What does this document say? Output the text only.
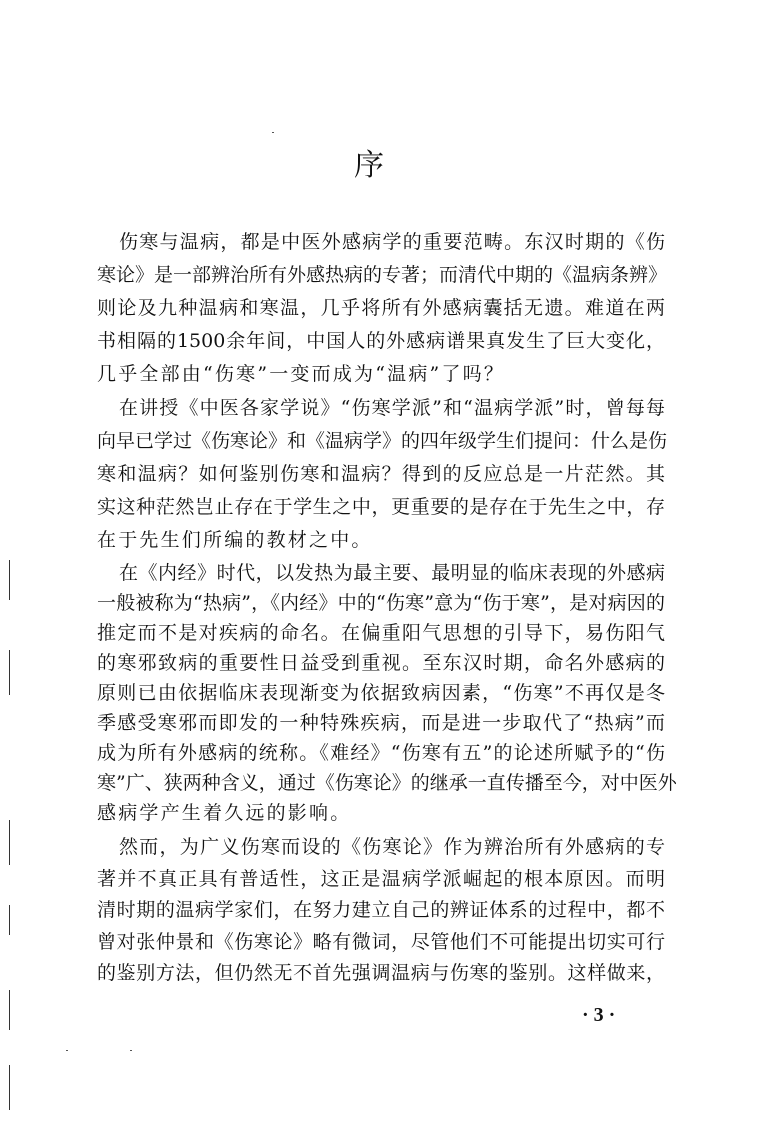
序
伤寒与温病，都是中医外感病学的重要范畴。东汉时期的《伤
寒论》是一部辨治所有外感热病的专著；而清代中期的《温病条辨》
则论及九种温病和寒温，几乎将所有外感病囊括无遗。难道在两
书相隔的1500余年间，中国人的外感病谱果真发生了巨大变化，
几乎全部由“伤寒”一变而成为“温病”了吗？
在讲授《中医各家学说》“伤寒学派”和“温病学派”时，曾每每
向早已学过《伤寒论》和《温病学》的四年级学生们提问：什么是伤
寒和温病？如何鉴别伤寒和温病？得到的反应总是一片茫然。其
实这种茫然岂止存在于学生之中，更重要的是存在于先生之中，存
在于先生们所编的教材之中。
在《内经》时代，以发热为最主要、最明显的临床表现的外感病
一般被称为“热病”，《内经》中的“伤寒”意为“伤于寒”，是对病因的
推定而不是对疾病的命名。在偏重阳气思想的引导下，易伤阳气
的寒邪致病的重要性日益受到重视。至东汉时期，命名外感病的
原则已由依据临床表现渐变为依据致病因素，“伤寒”不再仅是冬
季感受寒邪而即发的一种特殊疾病，而是进一步取代了“热病”而
成为所有外感病的统称。《难经》“伤寒有五”的论述所赋予的“伤
寒”广、狭两种含义，通过《伤寒论》的继承一直传播至今，对中医外
感病学产生着久远的影响。
然而，为广义伤寒而设的《伤寒论》作为辨治所有外感病的专
著并不真正具有普适性，这正是温病学派崛起的根本原因。而明
清时期的温病学家们，在努力建立自己的辨证体系的过程中，都不
曾对张仲景和《伤寒论》略有微词，尽管他们不可能提出切实可行
的鉴别方法，但仍然无不首先强调温病与伤寒的鉴别。这样做来，
· 3 ·
